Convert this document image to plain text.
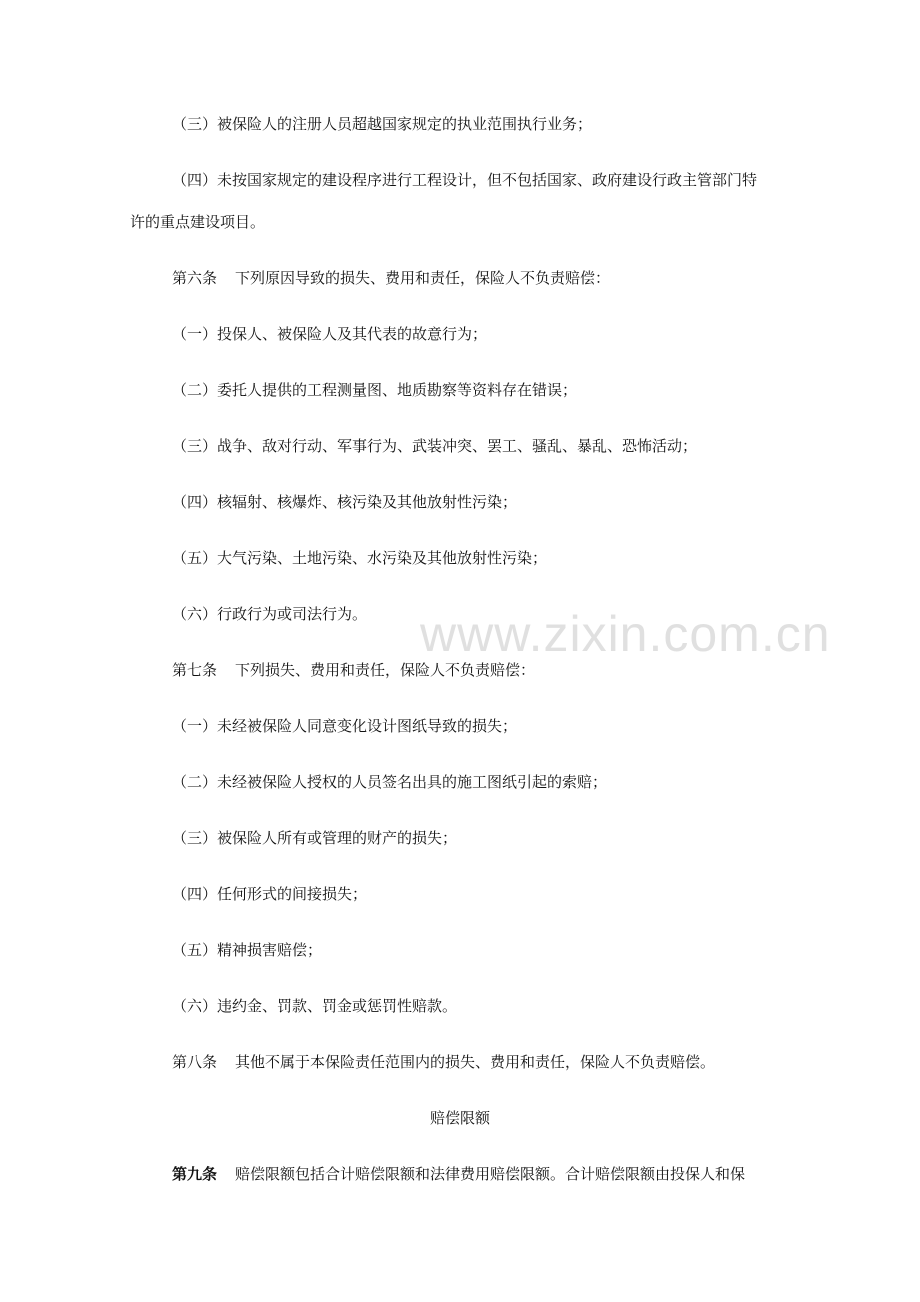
（三）被保险人的注册人员超越国家规定的执业范围执行业务；
（四）未按国家规定的建设程序进行工程设计，但不包括国家、政府建设行政主管部门特
许的重点建设项目。
第六条 下列原因导致的损失、费用和责任，保险人不负责赔偿：
（一）投保人、被保险人及其代表的故意行为；
（二）委托人提供的工程测量图、地质勘察等资料存在错误；
（三）战争、敌对行动、军事行为、武装冲突、罢工、骚乱、暴乱、恐怖活动；
（四）核辐射、核爆炸、核污染及其他放射性污染；
（五）大气污染、土地污染、水污染及其他放射性污染；
（六）行政行为或司法行为。
第七条 下列损失、费用和责任，保险人不负责赔偿：
（一）未经被保险人同意变化设计图纸导致的损失；
（二）未经被保险人授权的人员签名出具的施工图纸引起的索赔；
（三）被保险人所有或管理的财产的损失；
（四）任何形式的间接损失；
（五）精神损害赔偿；
（六）违约金、罚款、罚金或惩罚性赔款。
第八条 其他不属于本保险责任范围内的损失、费用和责任，保险人不负责赔偿。
赔偿限额
第九条 赔偿限额包括合计赔偿限额和法律费用赔偿限额。合计赔偿限额由投保人和保
www.zixin.com.cn
